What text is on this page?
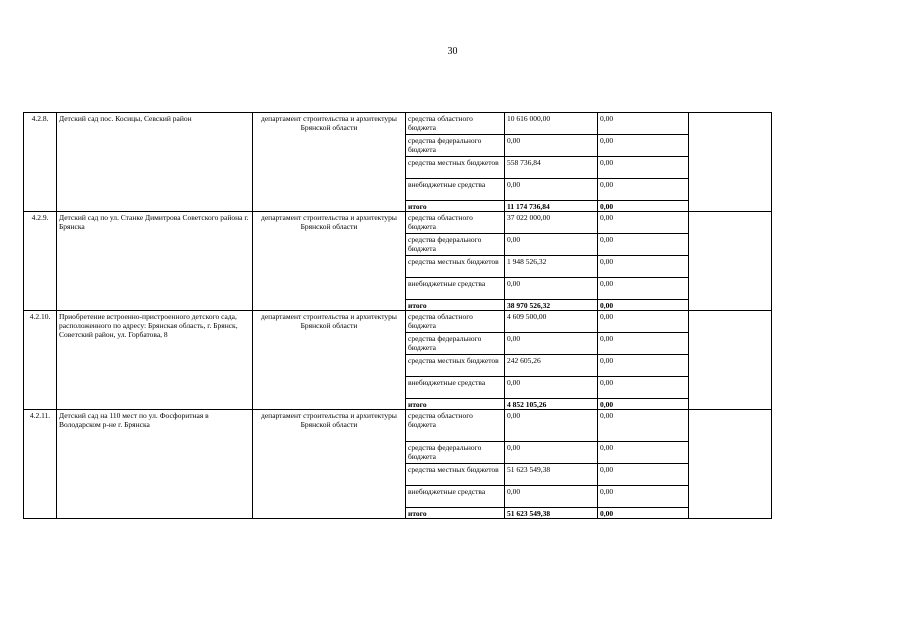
30
4.2.8.	Детский сад пос. Косицы, Севский район	департамент строительства и архитектуры Брянской области	средства областного бюджета	10 616 000,00	0,00	
			средства федерального бюджета	0,00	0,00	
			средства местных бюджетов	558 736,84	0,00	
			внебюджетные средства	0,00	0,00	
			итого	11 174 736,84	0,00	
4.2.9.	Детский сад по ул. Станке Димитрова Советского района г. Брянска	департамент строительства и архитектуры Брянской области	средства областного бюджета	37 022 000,00	0,00	
			средства федерального бюджета	0,00	0,00	
			средства местных бюджетов	1 948 526,32	0,00	
			внебюджетные средства	0,00	0,00	
			итого	38 970 526,32	0,00	
4.2.10.	Приобретение встроенно-пристроенного детского сада, расположенного по адресу: Брянская область, г. Брянск, Советский район, ул. Горбатова, 8	департамент строительства и архитектуры Брянской области	средства областного бюджета	4 609 500,00	0,00	
			средства федерального бюджета	0,00	0,00	
			средства местных бюджетов	242 605,26	0,00	
			внебюджетные средства	0,00	0,00	
			итого	4 852 105,26	0,00	
4.2.11.	Детский сад на 110 мест по ул. Фосфоритная в Володарском р-не г. Брянска	департамент строительства и архитектуры Брянской области	средства областного бюджета	0,00	0,00	
			средства федерального бюджета	0,00	0,00	
			средства местных бюджетов	51 623 549,38	0,00	
			внебюджетные средства	0,00	0,00	
			итого	51 623 549,38	0,00	
